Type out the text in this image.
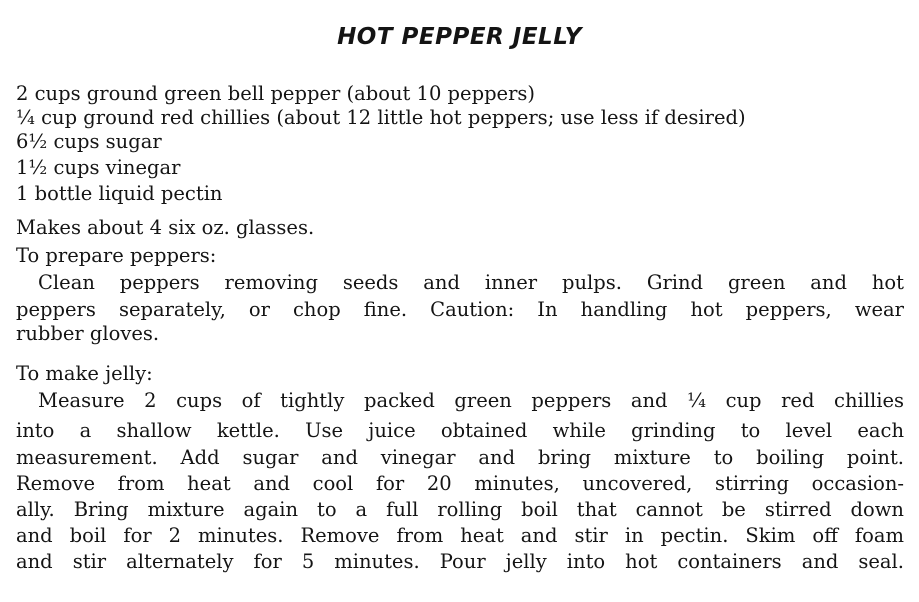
HOT PEPPER JELLY
2 cups ground green bell pepper (about 10 peppers)
¼ cup ground red chillies (about 12 little hot peppers; use less if desired)
6½ cups sugar
1½ cups vinegar
1 bottle liquid pectin
Makes about 4 six oz. glasses.
To prepare peppers:
Clean peppers removing seeds and inner pulps. Grind green and hot
peppers separately, or chop fine. Caution: In handling hot peppers, wear
rubber gloves.
To make jelly:
Measure 2 cups of tightly packed green peppers and ¼ cup red chillies
into a shallow kettle. Use juice obtained while grinding to level each
measurement. Add sugar and vinegar and bring mixture to boiling point.
Remove from heat and cool for 20 minutes, uncovered, stirring occasion-
ally. Bring mixture again to a full rolling boil that cannot be stirred down
and boil for 2 minutes. Remove from heat and stir in pectin. Skim off foam
and stir alternately for 5 minutes. Pour jelly into hot containers and seal.
